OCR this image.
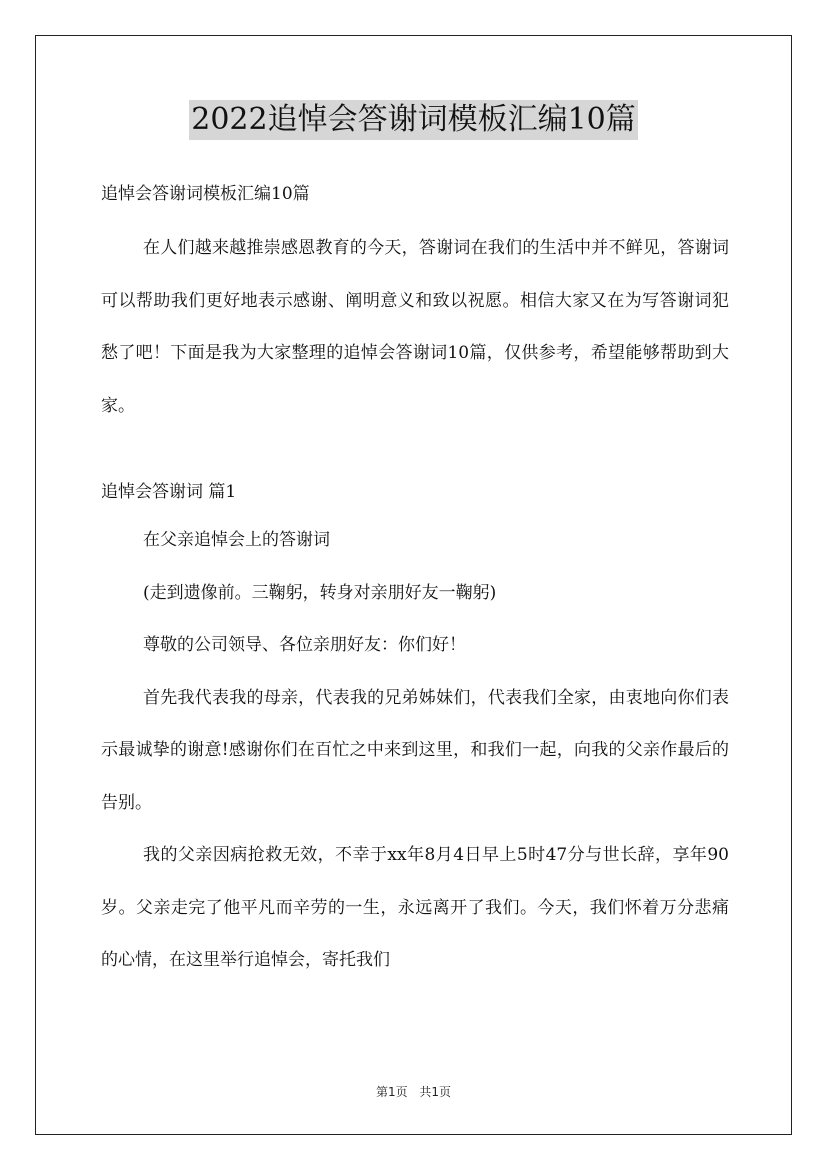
2022追悼会答谢词模板汇编10篇

追悼会答谢词模板汇编10篇

在人们越来越推崇感恩教育的今天，答谢词在我们的生活中并不鲜见，答谢词可以帮助我们更好地表示感谢、阐明意义和致以祝愿。相信大家又在为写答谢词犯愁了吧！下面是我为大家整理的追悼会答谢词10篇，仅供参考，希望能够帮助到大家。

追悼会答谢词 篇1

在父亲追悼会上的答谢词

(走到遗像前。三鞠躬，转身对亲朋好友一鞠躬)

尊敬的公司领导、各位亲朋好友：你们好！

首先我代表我的母亲，代表我的兄弟姊妹们，代表我们全家，由衷地向你们表示最诚挚的谢意!感谢你们在百忙之中来到这里，和我们一起，向我的父亲作最后的告别。

我的父亲因病抢救无效，不幸于xx年8月4日早上5时47分与世长辞，享年90岁。父亲走完了他平凡而辛劳的一生，永远离开了我们。今天，我们怀着万分悲痛的心情，在这里举行追悼会，寄托我们

第1页 共1页
